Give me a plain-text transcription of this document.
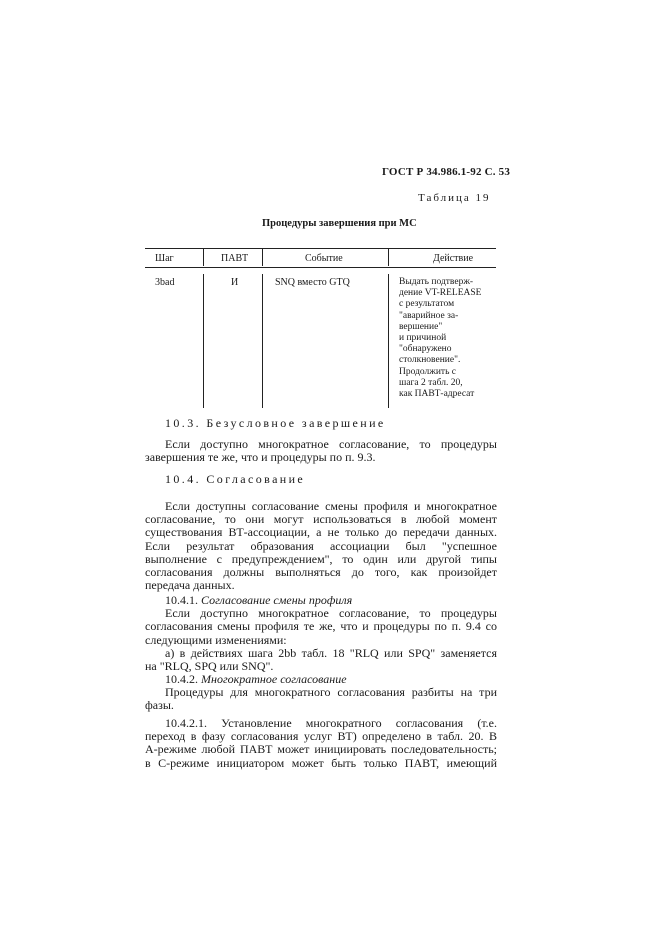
ГОСТ Р 34.986.1-92 С. 53
Таблица 19
Процедуры завершения при МС
Шаг	ПАВТ	Событие	Действие
3bad	И	SNQ вместо GTQ	Выдать подтверж-
дение VT-RELEASE
с результатом
"аварийное за-
вершение"
и причиной
"обнаружено
столкновение".
Продолжить с
шага 2 табл. 20,
как ПАВТ-адресат
10.3. Безусловное завершение
Если доступно многократное согласование, то процедуры
завершения те же, что и процедуры по п. 9.3.
10.4. Согласование
Если доступны согласование смены профиля и многократное
согласование, то они могут использоваться в любой момент
существования ВТ-ассоциации, а не только до передачи данных.
Если результат образования ассоциации был "успешное
выполнение с предупреждением", то один или другой типы
согласования должны выполняться до того, как произойдет
передача данных.
10.4.1. Согласование смены профиля
Если доступно многократное согласование, то процедуры
согласования смены профиля те же, что и процедуры по п. 9.4 со
следующими изменениями:
а) в действиях шага 2bb табл. 18 "RLQ или SPQ" заменяется
на "RLQ, SPQ или SNQ".
10.4.2. Многократное согласование
Процедуры для многократного согласования разбиты на три
фазы.
10.4.2.1. Установление многократного согласования (т.е.
переход в фазу согласования услуг ВТ) определено в табл. 20. В
А-режиме любой ПАВТ может инициировать последовательность;
в С-режиме инициатором может быть только ПАВТ, имеющий
